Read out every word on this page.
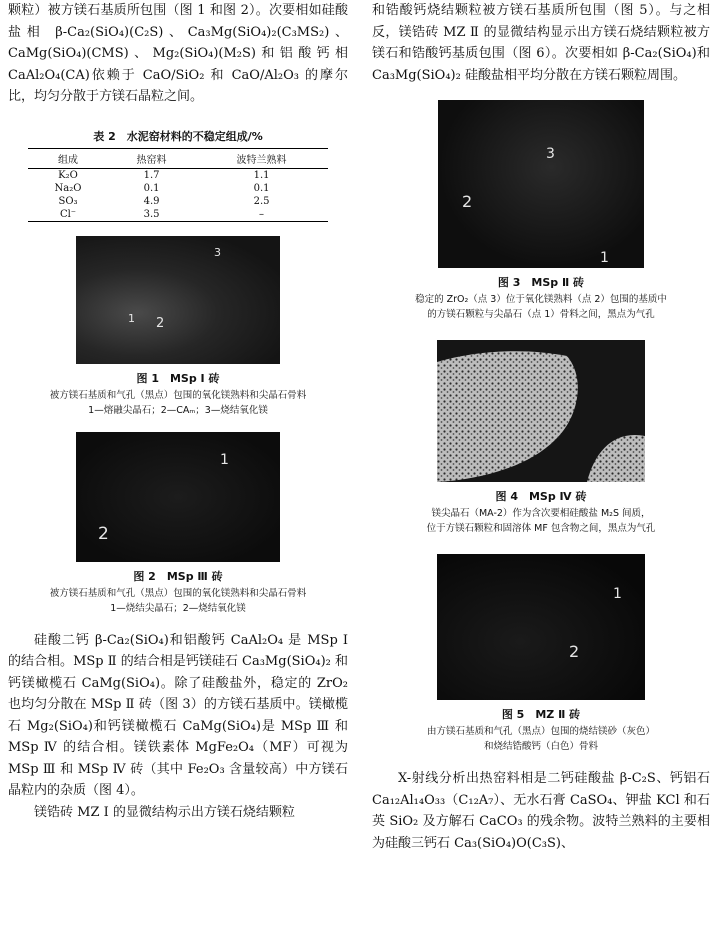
颗粒）被方镁石基质所包围（图 1 和图 2）。次要相如硅酸盐相 β-Ca₂(SiO₄)(C₂S)、Ca₃Mg(SiO₄)₂(C₃MS₂)、CaMg(SiO₄)(CMS)、Mg₂(SiO₄)(M₂S)和铝酸钙相 CaAl₂O₄(CA)依赖于 CaO/SiO₂ 和 CaO/Al₂O₃ 的摩尔比，均匀分散于方镁石晶粒之间。

表 2　水泥窑材料的不稳定组成/%
组成	热窑料	波特兰熟料
K₂O	1.7	1.1
Na₂O	0.1	0.1
SO₃	4.9	2.5
Cl⁻	3.5	–
3
1 2
图 1　MSp Ⅰ 砖

被方镁石基质和气孔（黑点）包围的氧化镁熟料和尖晶石骨料

1—熔融尖晶石；2—CAₘ；3—烧结氧化镁

1
2
图 2　MSp Ⅲ 砖

被方镁石基质和气孔（黑点）包围的氧化镁熟料和尖晶石骨料

1—烧结尖晶石；2—烧结氧化镁

硅酸二钙 β-Ca₂(SiO₄)和铝酸钙 CaAl₂O₄ 是 MSp Ⅰ 的结合相。MSp Ⅱ 的结合相是钙镁硅石 Ca₃Mg(SiO₄)₂ 和钙镁橄榄石 CaMg(SiO₄)。除了硅酸盐外，稳定的 ZrO₂ 也均匀分散在 MSp Ⅱ 砖（图 3）的方镁石基质中。镁橄榄石 Mg₂(SiO₄)和钙镁橄榄石 CaMg(SiO₄)是 MSp Ⅲ 和 MSp Ⅳ 的结合相。镁铁素体 MgFe₂O₄（MF）可视为 MSp Ⅲ 和 MSp Ⅳ 砖（其中 Fe₂O₃ 含量较高）中方镁石晶粒内的杂质（图 4）。

镁锆砖 MZ Ⅰ 的显微结构示出方镁石烧结颗粒

和锆酸钙烧结颗粒被方镁石基质所包围（图 5）。与之相反，镁锆砖 MZ Ⅱ 的显微结构显示出方镁石烧结颗粒被方镁石和锆酸钙基质包围（图 6）。次要相如 β-Ca₂(SiO₄)和 Ca₃Mg(SiO₄)₂ 硅酸盐相平均分散在方镁石颗粒周围。

3
2
1
图 3　MSp Ⅱ 砖

稳定的 ZrO₂（点 3）位于氧化镁熟料（点 2）包围的基质中

的方镁石颗粒与尖晶石（点 1）骨料之间，黑点为气孔

图 4　MSp Ⅳ 砖

镁尖晶石（MA-2）作为含次要相硅酸盐 M₂S 间质，

位于方镁石颗粒和固溶体 MF 包含物之间，黑点为气孔

1
2
图 5　MZ Ⅱ 砖

由方镁石基质和气孔（黑点）包围的烧结镁砂（灰色）

和烧结锆酸钙（白色）骨料

X-射线分析出热窑料相是二钙硅酸盐 β-C₂S、钙铝石 Ca₁₂Al₁₄O₃₃（C₁₂A₇）、无水石膏 CaSO₄、钾盐 KCl 和石英 SiO₂ 及方解石 CaCO₃ 的残余物。波特兰熟料的主要相为硅酸三钙石 Ca₃(SiO₄)O(C₃S)、
